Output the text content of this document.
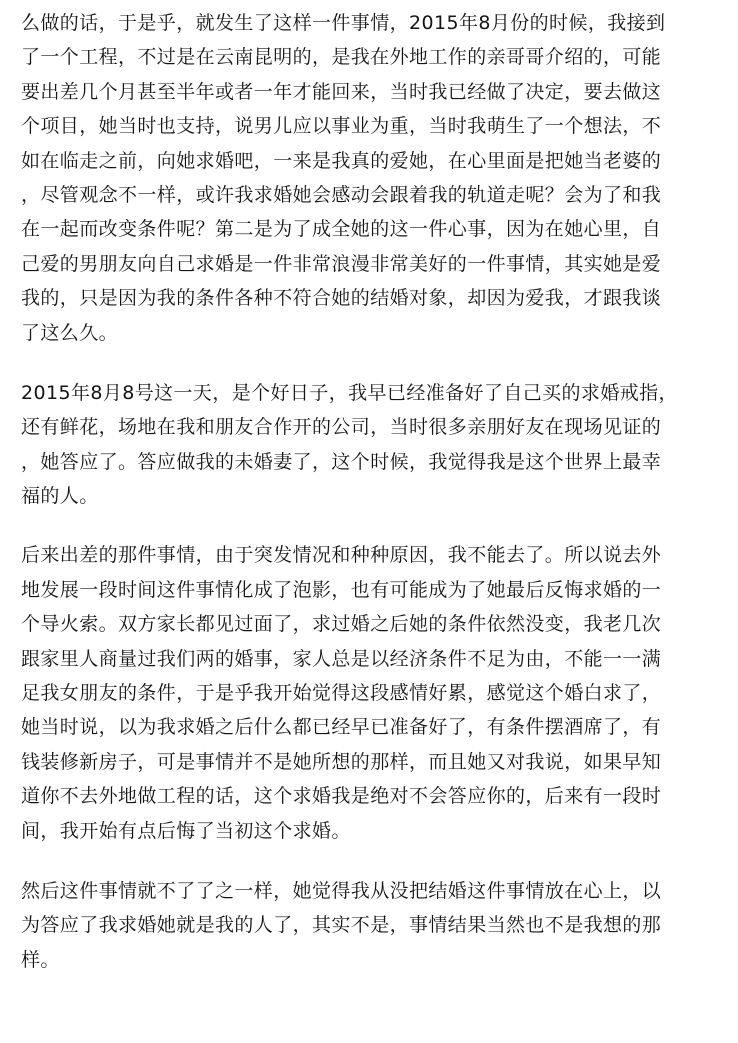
么做的话，于是乎，就发生了这样一件事情，2015年8月份的时候，我接到
了一个工程，不过是在云南昆明的，是我在外地工作的亲哥哥介绍的，可能
要出差几个月甚至半年或者一年才能回来，当时我已经做了决定，要去做这
个项目，她当时也支持，说男儿应以事业为重，当时我萌生了一个想法，不
如在临走之前，向她求婚吧，一来是我真的爱她，在心里面是把她当老婆的
，尽管观念不一样，或许我求婚她会感动会跟着我的轨道走呢？会为了和我
在一起而改变条件呢？第二是为了成全她的这一件心事，因为在她心里，自
己爱的男朋友向自己求婚是一件非常浪漫非常美好的一件事情，其实她是爱
我的，只是因为我的条件各种不符合她的结婚对象，却因为爱我，才跟我谈
了这么久。

2015年8月8号这一天，是个好日子，我早已经准备好了自己买的求婚戒指，
还有鲜花，场地在我和朋友合作开的公司，当时很多亲朋好友在现场见证的
，她答应了。答应做我的未婚妻了，这个时候，我觉得我是这个世界上最幸
福的人。

后来出差的那件事情，由于突发情况和种种原因，我不能去了。所以说去外
地发展一段时间这件事情化成了泡影，也有可能成为了她最后反悔求婚的一
个导火索。双方家长都见过面了，求过婚之后她的条件依然没变，我老几次
跟家里人商量过我们两的婚事，家人总是以经济条件不足为由，不能一一满
足我女朋友的条件，于是乎我开始觉得这段感情好累，感觉这个婚白求了，
她当时说，以为我求婚之后什么都已经早已准备好了，有条件摆酒席了，有
钱装修新房子，可是事情并不是她所想的那样，而且她又对我说，如果早知
道你不去外地做工程的话，这个求婚我是绝对不会答应你的，后来有一段时
间，我开始有点后悔了当初这个求婚。

然后这件事情就不了了之一样，她觉得我从没把结婚这件事情放在心上，以
为答应了我求婚她就是我的人了，其实不是，事情结果当然也不是我想的那
样。
